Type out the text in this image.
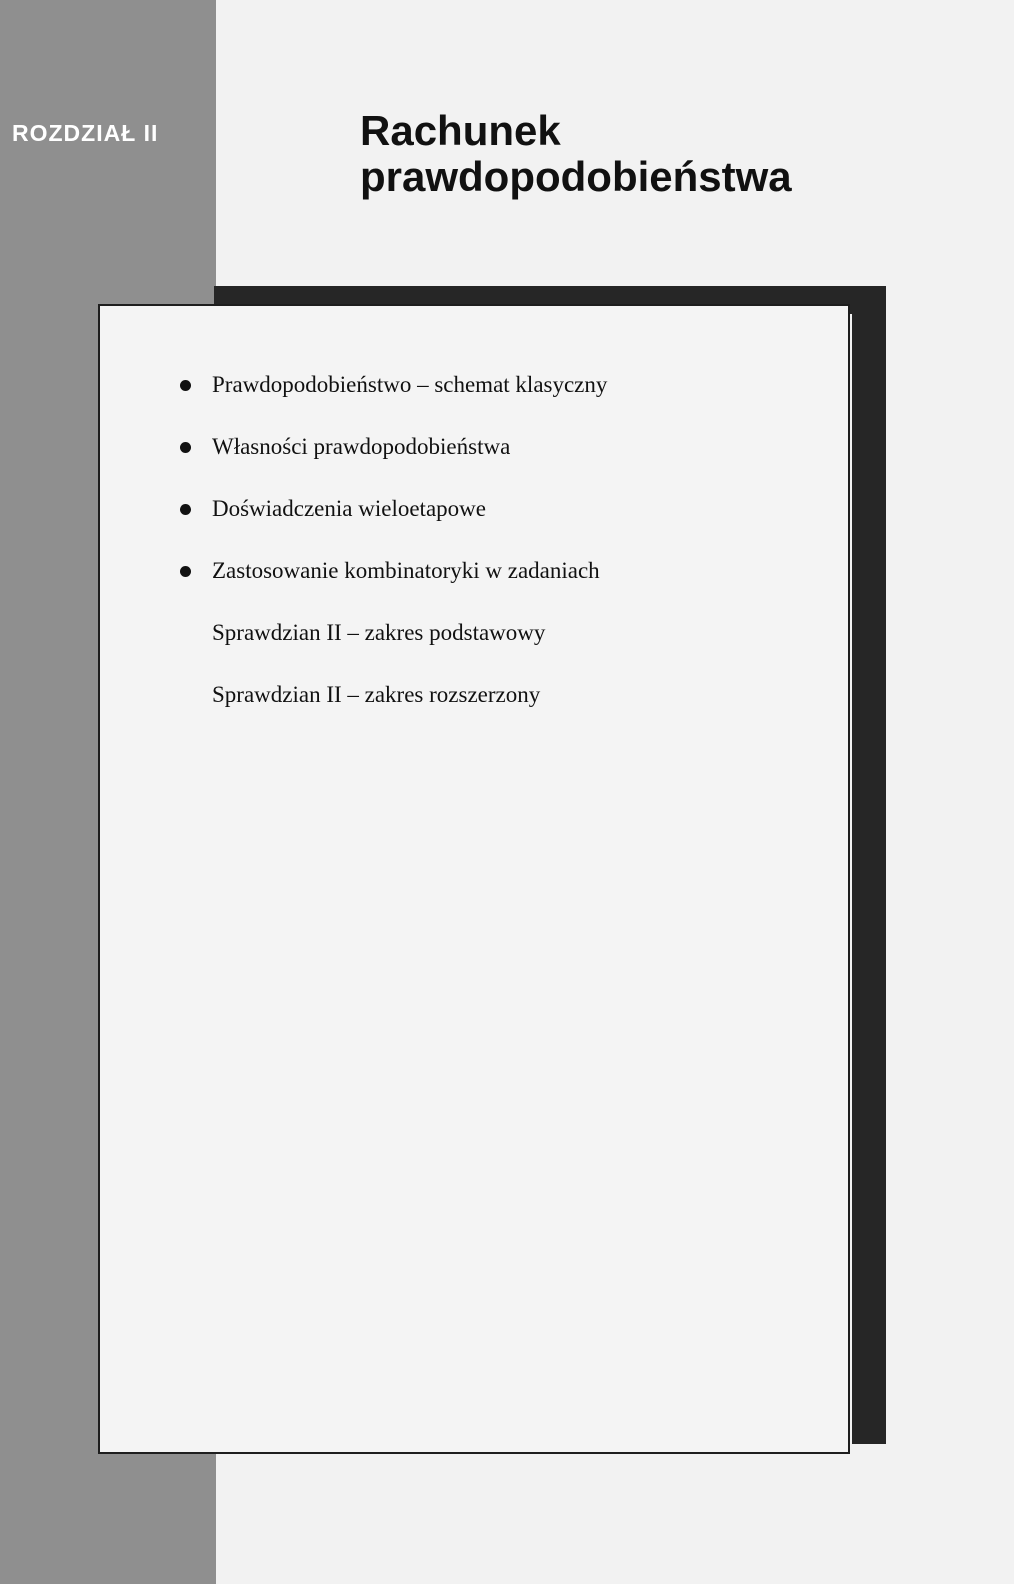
ROZDZIAŁ II	Rachunek
prawdopodobieństwa
Prawdopodobieństwo – schemat klasyczny
Własności prawdopodobieństwa
Doświadczenia wieloetapowe
Zastosowanie kombinatoryki w zadaniach
Sprawdzian II – zakres podstawowy
Sprawdzian II – zakres rozszerzony
